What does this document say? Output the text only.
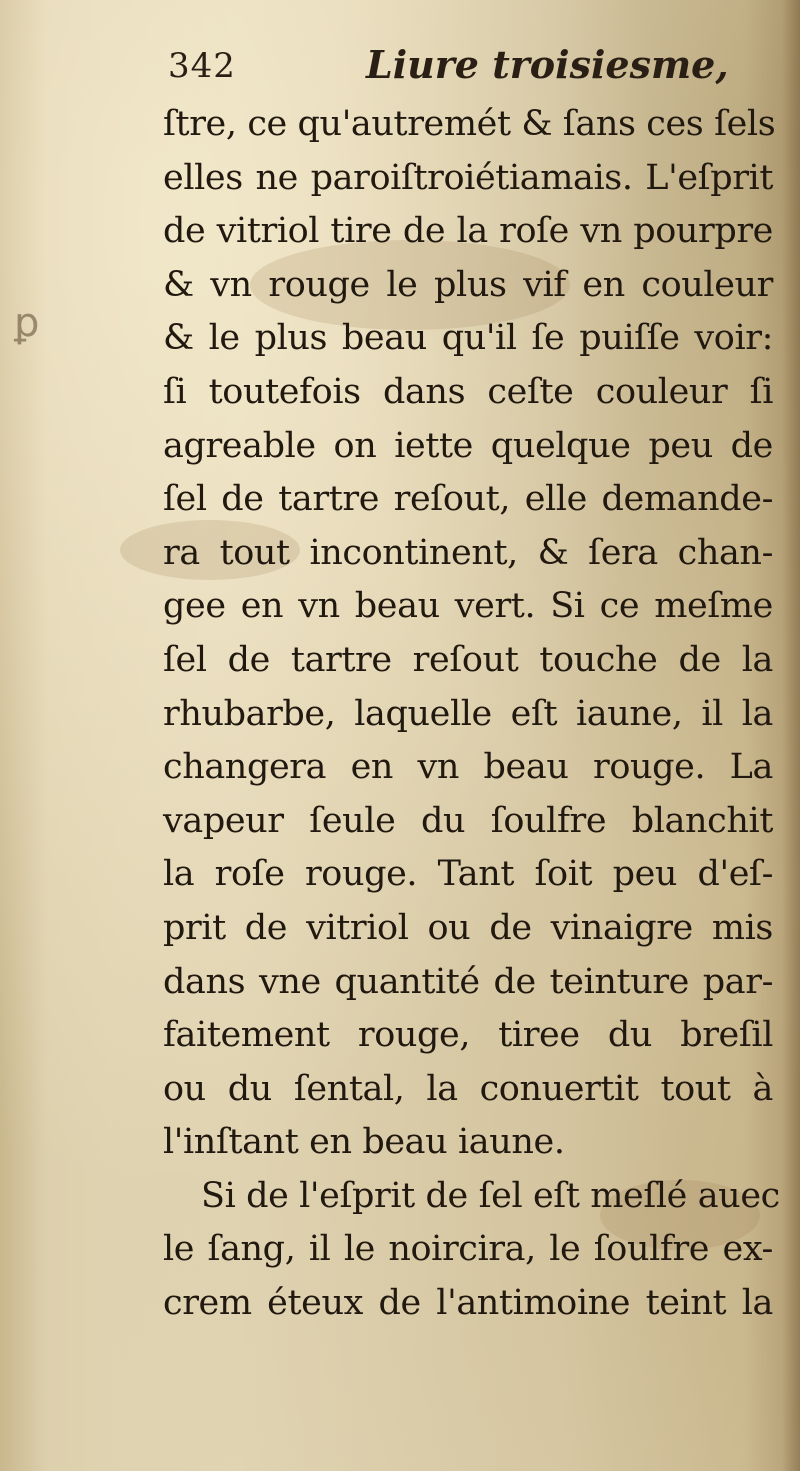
ꝑ
342	Liure troisiesme,
ſtre, ce qu'autremét & ſans ces ſels
elles ne paroiſtroiétiamais. L'eſprit
de vitriol tire de la roſe vn pourpre
& vn rouge le plus vif en couleur
& le plus beau qu'il ſe puiſſe voir:
ſi toutefois dans ceſte couleur ſi
agreable on iette quelque peu de
ſel de tartre reſout, elle demande-
ra tout incontinent, & ſera chan-
gee en vn beau vert. Si ce meſme
ſel de tartre reſout touche de la
rhubarbe, laquelle eſt iaune, il la
changera en vn beau rouge. La
vapeur ſeule du ſoulfre blanchit
la roſe rouge. Tant ſoit peu d'eſ-
prit de vitriol ou de vinaigre mis
dans vne quantité de teinture par-
faitement rouge, tiree du breſil
ou du ſental, la conuertit tout à
l'inſtant en beau iaune.
Si de l'eſprit de ſel eſt meſlé auec
le ſang, il le noircira, le ſoulfre ex-
crem éteux de l'antimoine teint la
